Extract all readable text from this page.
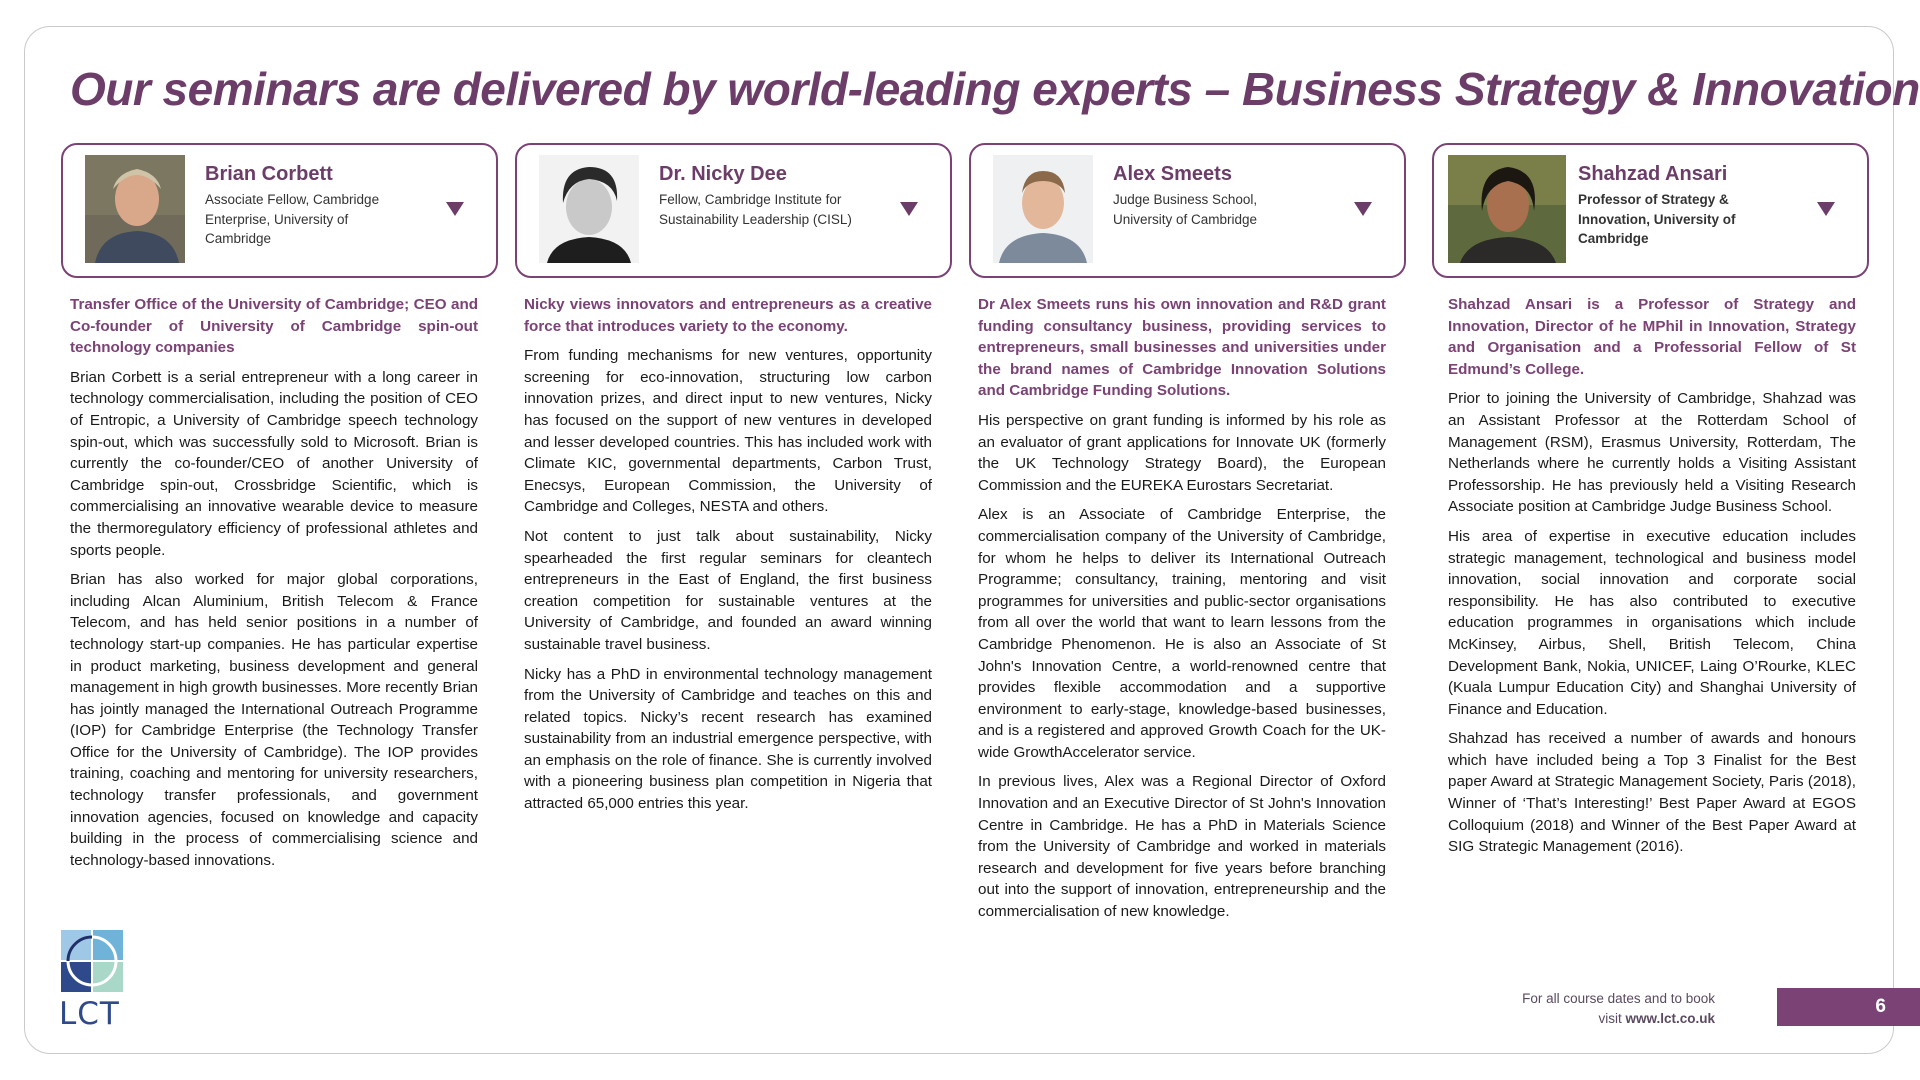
Our seminars are delivered by world-leading experts – Business Strategy & Innovation
Brian Corbett
Associate Fellow, Cambridge Enterprise, University of Cambridge
Dr. Nicky Dee
Fellow, Cambridge Institute for Sustainability Leadership (CISL)
Alex Smeets
Judge Business School, University of Cambridge
Shahzad Ansari
Professor of Strategy & Innovation, University of Cambridge

Transfer Office of the University of Cambridge; CEO and Co-founder of University of Cambridge spin-out technology companies

Brian Corbett is a serial entrepreneur with a long career in technology commercialisation, including the position of CEO of Entropic, a University of Cambridge speech technology spin-out, which was successfully sold to Microsoft. Brian is currently the co-founder/CEO of another University of Cambridge spin-out, Crossbridge Scientific, which is commercialising an innovative wearable device to measure the thermoregulatory efficiency of professional athletes and sports people.

Brian has also worked for major global corporations, including Alcan Aluminium, British Telecom & France Telecom, and has held senior positions in a number of technology start-up companies. He has particular expertise in product marketing, business development and general management in high growth businesses. More recently Brian has jointly managed the International Outreach Programme (IOP) for Cambridge Enterprise (the Technology Transfer Office for the University of Cambridge). The IOP provides training, coaching and mentoring for university researchers, technology transfer professionals, and government innovation agencies, focused on knowledge and capacity building in the process of commercialising science and technology-based innovations.

Nicky views innovators and entrepreneurs as a creative force that introduces variety to the economy.

From funding mechanisms for new ventures, opportunity screening for eco-innovation, structuring low carbon innovation prizes, and direct input to new ventures, Nicky has focused on the support of new ventures in developed and lesser developed countries. This has included work with Climate KIC, governmental departments, Carbon Trust, Enecsys, European Commission, the University of Cambridge and Colleges, NESTA and others.

Not content to just talk about sustainability, Nicky spearheaded the first regular seminars for cleantech entrepreneurs in the East of England, the first business creation competition for sustainable ventures at the University of Cambridge, and founded an award winning sustainable travel business.

Nicky has a PhD in environmental technology management from the University of Cambridge and teaches on this and related topics. Nicky’s recent research has examined sustainability from an industrial emergence perspective, with an emphasis on the role of finance. She is currently involved with a pioneering business plan competition in Nigeria that attracted 65,000 entries this year.

Dr Alex Smeets runs his own innovation and R&D grant funding consultancy business, providing services to entrepreneurs, small businesses and universities under the brand names of Cambridge Innovation Solutions and Cambridge Funding Solutions.

His perspective on grant funding is informed by his role as an evaluator of grant applications for Innovate UK (formerly the UK Technology Strategy Board), the European Commission and the EUREKA Eurostars Secretariat.

Alex is an Associate of Cambridge Enterprise, the commercialisation company of the University of Cambridge, for whom he helps to deliver its International Outreach Programme; consultancy, training, mentoring and visit programmes for universities and public-sector organisations from all over the world that want to learn lessons from the Cambridge Phenomenon. He is also an Associate of St John's Innovation Centre, a world-renowned centre that provides flexible accommodation and a supportive environment to early-stage, knowledge-based businesses, and is a registered and approved Growth Coach for the UK-wide GrowthAccelerator service.

In previous lives, Alex was a Regional Director of Oxford Innovation and an Executive Director of St John's Innovation Centre in Cambridge. He has a PhD in Materials Science from the University of Cambridge and worked in materials research and development for five years before branching out into the support of innovation, entrepreneurship and the commercialisation of new knowledge.

Shahzad Ansari is a Professor of Strategy and Innovation, Director of he MPhil in Innovation, Strategy and Organisation and a Professorial Fellow of St Edmund’s College.

Prior to joining the University of Cambridge, Shahzad was an Assistant Professor at the Rotterdam School of Management (RSM), Erasmus University, Rotterdam, The Netherlands where he currently holds a Visiting Assistant Professorship. He has previously held a Visiting Research Associate position at Cambridge Judge Business School.

His area of expertise in executive education includes strategic management, technological and business model innovation, social innovation and corporate social responsibility. He has also contributed to executive education programmes in organisations which include McKinsey, Airbus, Shell, British Telecom, China Development Bank, Nokia, UNICEF, Laing O’Rourke, KLEC (Kuala Lumpur Education City) and Shanghai University of Finance and Education.

Shahzad has received a number of awards and honours which have included being a Top 3 Finalist for the Best paper Award at Strategic Management Society, Paris (2018), Winner of ‘That’s Interesting!’ Best Paper Award at EGOS Colloquium (2018) and Winner of the Best Paper Award at SIG Strategic Management (2016).

LCT	For all course dates and to book
visit www.lct.co.uk
6
